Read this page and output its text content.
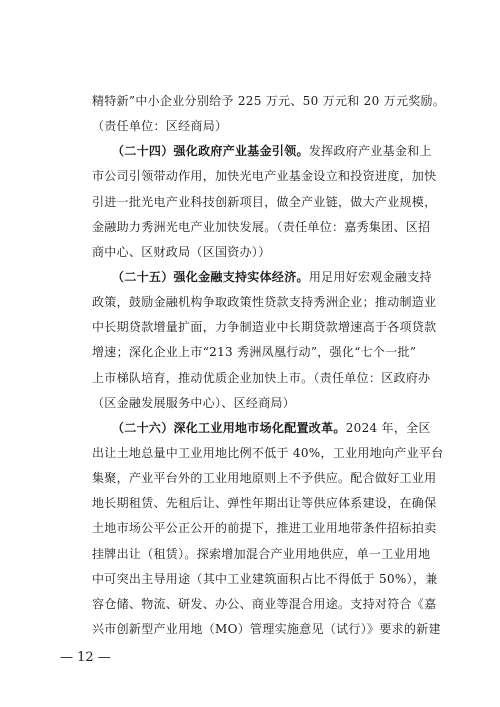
精特新”中小企业分别给予 225 万元、50 万元和 20 万元奖励。
（责任单位：区经商局）
（二十四）强化政府产业基金引领。发挥政府产业基金和上
市公司引领带动作用，加快光电产业基金设立和投资进度，加快
引进一批光电产业科技创新项目，做全产业链，做大产业规模，
金融助力秀洲光电产业加快发展。（责任单位：嘉秀集团、区招
商中心、区财政局（区国资办））
（二十五）强化金融支持实体经济。用足用好宏观金融支持
政策，鼓励金融机构争取政策性贷款支持秀洲企业；推动制造业
中长期贷款增量扩面，力争制造业中长期贷款增速高于各项贷款
增速；深化企业上市“213 秀洲凤凰行动”，强化“七个一批”
上市梯队培育，推动优质企业加快上市。（责任单位：区政府办
（区金融发展服务中心）、区经商局）
（二十六）深化工业用地市场化配置改革。2024 年，全区
出让土地总量中工业用地比例不低于 40%，工业用地向产业平台
集聚，产业平台外的工业用地原则上不予供应。配合做好工业用
地长期租赁、先租后让、弹性年期出让等供应体系建设，在确保
土地市场公平公正公开的前提下，推进工业用地带条件招标拍卖
挂牌出让（租赁）。探索增加混合产业用地供应，单一工业用地
中可突出主导用途（其中工业建筑面积占比不得低于 50%），兼
容仓储、物流、研发、办公、商业等混合用途。支持对符合《嘉
兴市创新型产业用地（MO）管理实施意见（试行）》要求的新建
— 12 —
